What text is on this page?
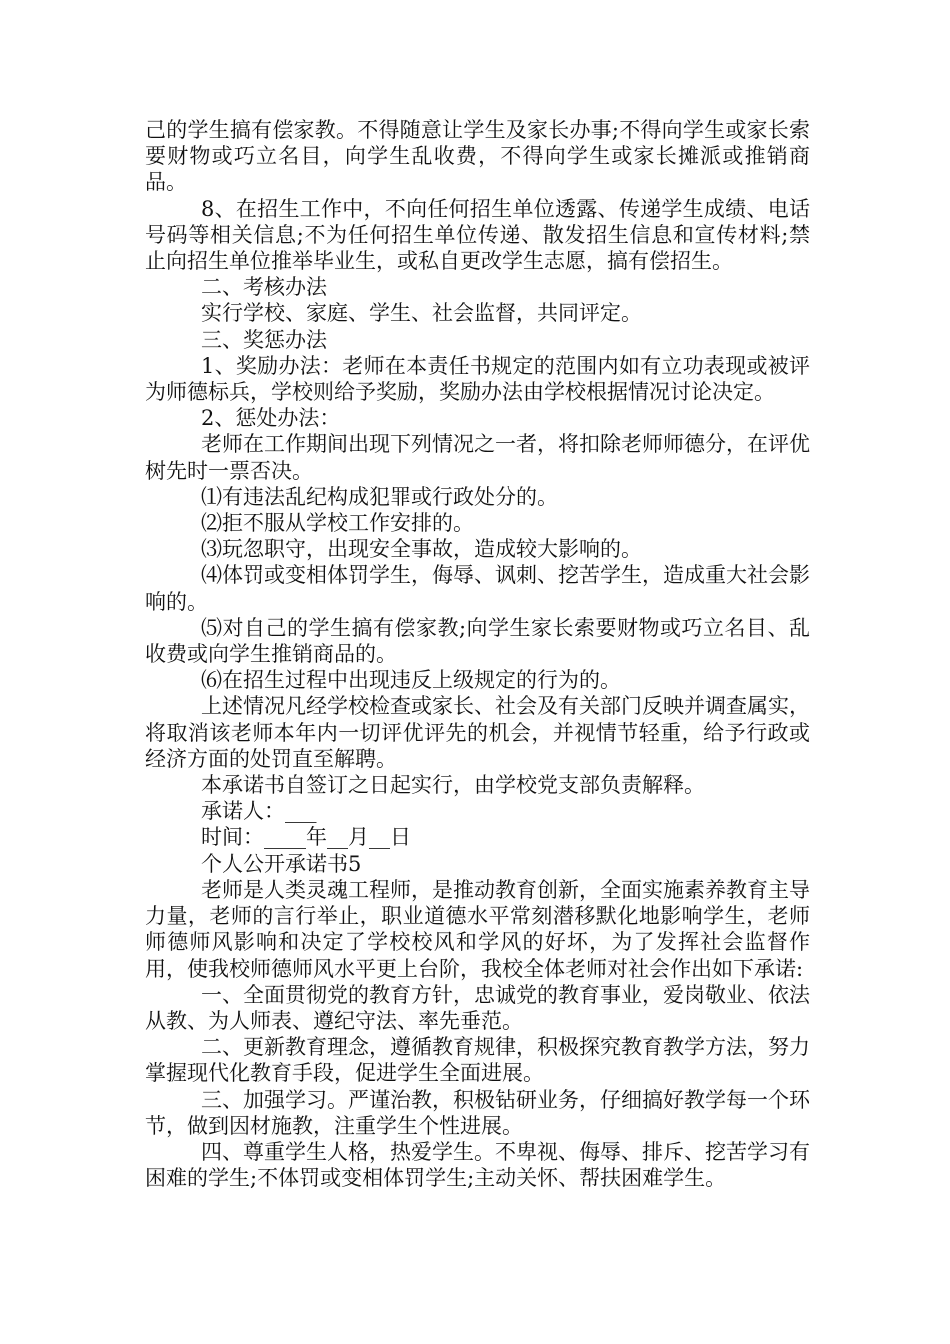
己的学生搞有偿家教。不得随意让学生及家长办事;不得向学生或家长索要财物或巧立名目，向学生乱收费，不得向学生或家长摊派或推销商品。

8、在招生工作中，不向任何招生单位透露、传递学生成绩、电话号码等相关信息;不为任何招生单位传递、散发招生信息和宣传材料;禁止向招生单位推举毕业生，或私自更改学生志愿，搞有偿招生。

二、考核办法

实行学校、家庭、学生、社会监督，共同评定。

三、奖惩办法

1、奖励办法：老师在本责任书规定的范围内如有立功表现或被评为师德标兵，学校则给予奖励，奖励办法由学校根据情况讨论决定。

2、惩处办法：

老师在工作期间出现下列情况之一者，将扣除老师师德分，在评优树先时一票否决。

⑴有违法乱纪构成犯罪或行政处分的。

⑵拒不服从学校工作安排的。

⑶玩忽职守，出现安全事故，造成较大影响的。

⑷体罚或变相体罚学生，侮辱、讽刺、挖苦学生，造成重大社会影响的。

⑸对自己的学生搞有偿家教;向学生家长索要财物或巧立名目、乱收费或向学生推销商品的。

⑹在招生过程中出现违反上级规定的行为的。

上述情况凡经学校检查或家长、社会及有关部门反映并调查属实，将取消该老师本年内一切评优评先的机会，并视情节轻重，给予行政或经济方面的处罚直至解聘。

本承诺书自签订之日起实行，由学校党支部负责解释。

承诺人：___

时间：____年__月__日

个人公开承诺书5

老师是人类灵魂工程师，是推动教育创新，全面实施素养教育主导力量，老师的言行举止，职业道德水平常刻潜移默化地影响学生，老师师德师风影响和决定了学校校风和学风的好坏，为了发挥社会监督作用，使我校师德师风水平更上台阶，我校全体老师对社会作出如下承诺:

一、全面贯彻党的教育方针，忠诚党的教育事业，爱岗敬业、依法从教、为人师表、遵纪守法、率先垂范。

二、更新教育理念，遵循教育规律，积极探究教育教学方法，努力掌握现代化教育手段，促进学生全面进展。

三、加强学习。严谨治教，积极钻研业务，仔细搞好教学每一个环节，做到因材施教，注重学生个性进展。

四、尊重学生人格，热爱学生。不卑视、侮辱、排斥、挖苦学习有困难的学生;不体罚或变相体罚学生;主动关怀、帮扶困难学生。
